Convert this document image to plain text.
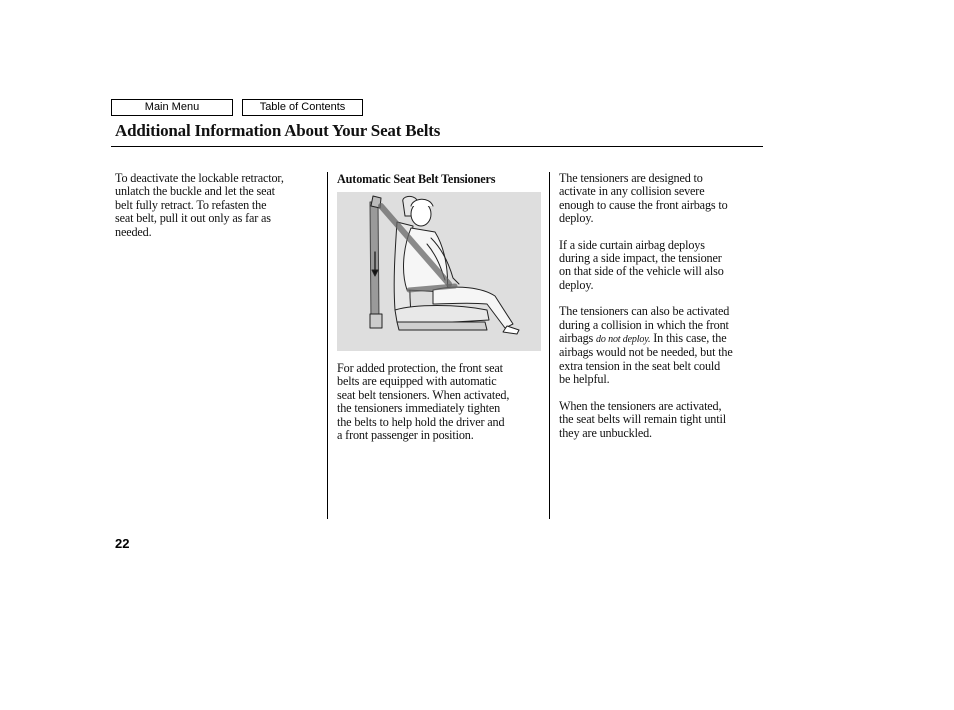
Main Menu	Table of Contents
Additional Information About Your Seat Belts

To deactivate the lockable retractor,
unlatch the buckle and let the seat
belt fully retract. To refasten the
seat belt, pull it out only as far as
needed.

Automatic Seat Belt Tensioners

For added protection, the front seat
belts are equipped with automatic
seat belt tensioners. When activated,
the tensioners immediately tighten
the belts to help hold the driver and
a front passenger in position.

The tensioners are designed to
activate in any collision severe
enough to cause the front airbags to
deploy.

If a side curtain airbag deploys
during a side impact, the tensioner
on that side of the vehicle will also
deploy.

The tensioners can also be activated
during a collision in which the front
airbags do not deploy. In this case, the
airbags would not be needed, but the
extra tension in the seat belt could
be helpful.

When the tensioners are activated,
the seat belts will remain tight until
they are unbuckled.

22
